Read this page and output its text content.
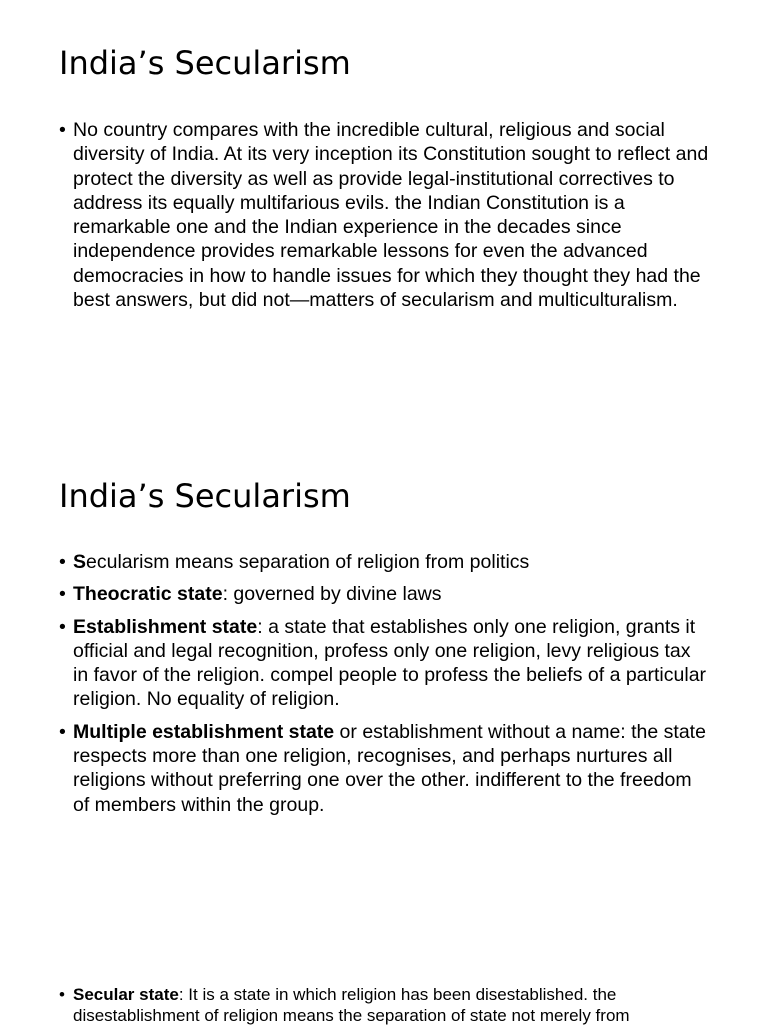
India’s Secularism
• No country compares with the incredible cultural, religious and social diversity of India. At its very inception its Constitution sought to reflect and protect the diversity as well as provide legal-institutional correctives to address its equally multifarious evils. the Indian Constitution is a remarkable one and the Indian experience in the decades since independence provides remarkable lessons for even the advanced democracies in how to handle issues for which they thought they had the best answers, but did not—matters of secularism and multiculturalism.
India’s Secularism
• Secularism means separation of religion from politics
• Theocratic state: governed by divine laws
• Establishment state: a state that establishes only one religion, grants it official and legal recognition, profess only one religion, levy religious tax in favor of the religion. compel people to profess the beliefs of a particular religion. No equality of religion.
• Multiple establishment state or establishment without a name: the state respects more than one religion, recognises, and perhaps nurtures all religions without preferring one over the other. indifferent to the freedom of members within the group.
• Secular state: It is a state in which religion has been disestablished. the disestablishment of religion means the separation of state not merely from
